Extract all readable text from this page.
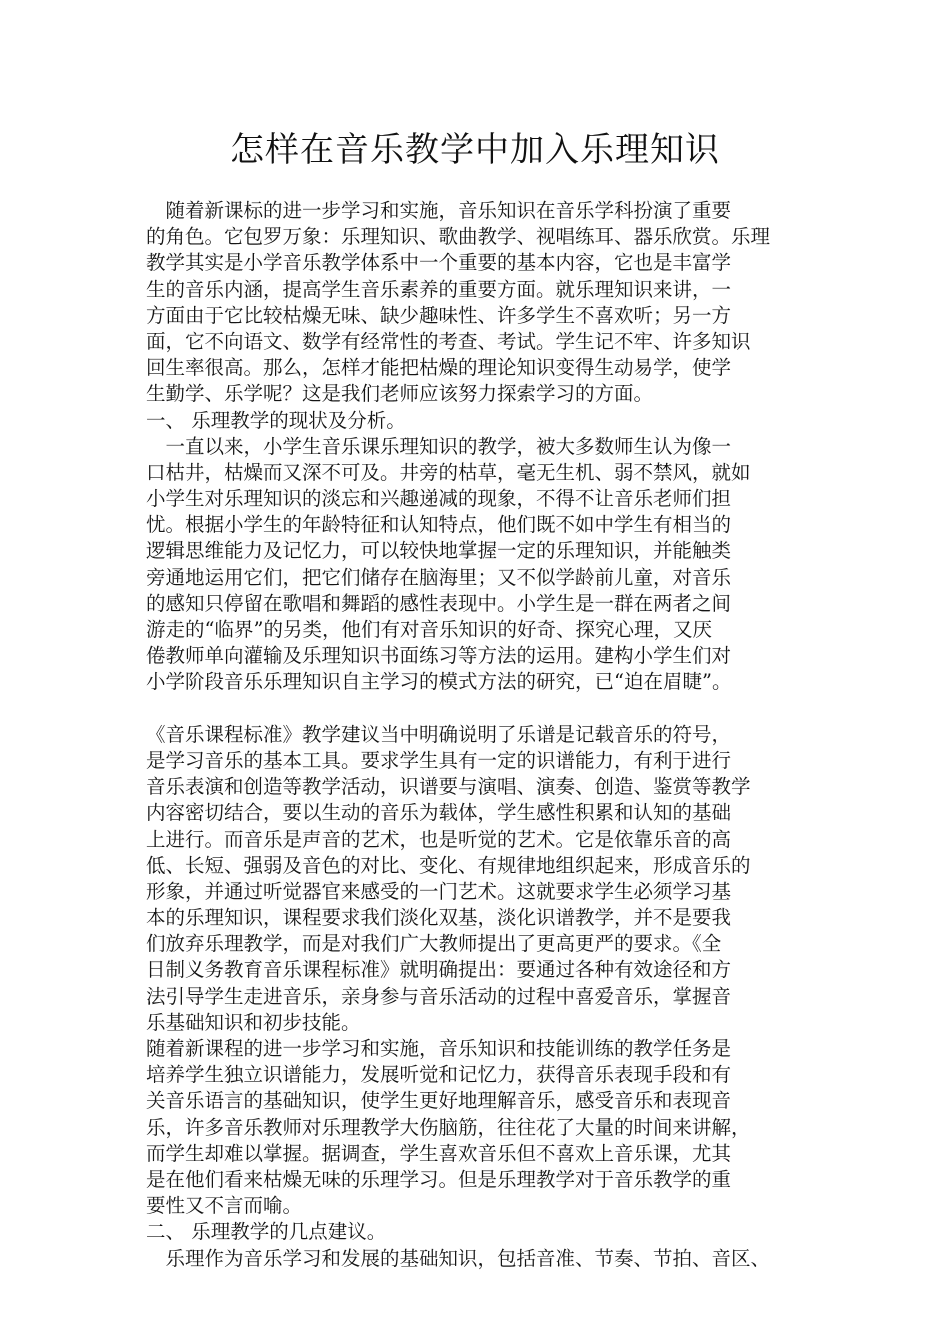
怎样在音乐教学中加入乐理知识
　随着新课标的进一步学习和实施，音乐知识在音乐学科扮演了重要
的角色。它包罗万象：乐理知识、歌曲教学、视唱练耳、器乐欣赏。乐理
教学其实是小学音乐教学体系中一个重要的基本内容，它也是丰富学
生的音乐内涵，提高学生音乐素养的重要方面。就乐理知识来讲，一
方面由于它比较枯燥无味、缺少趣味性、许多学生不喜欢听；另一方
面，它不向语文、数学有经常性的考查、考试。学生记不牢、许多知识
回生率很高。那么，怎样才能把枯燥的理论知识变得生动易学，使学
生勤学、乐学呢？这是我们老师应该努力探索学习的方面。
一、 乐理教学的现状及分析。
　一直以来，小学生音乐课乐理知识的教学，被大多数师生认为像一
口枯井，枯燥而又深不可及。井旁的枯草，毫无生机、弱不禁风，就如
小学生对乐理知识的淡忘和兴趣递减的现象，不得不让音乐老师们担
忧。根据小学生的年龄特征和认知特点，他们既不如中学生有相当的
逻辑思维能力及记忆力，可以较快地掌握一定的乐理知识，并能触类
旁通地运用它们，把它们储存在脑海里；又不似学龄前儿童，对音乐
的感知只停留在歌唱和舞蹈的感性表现中。小学生是一群在两者之间
游走的“临界”的另类，他们有对音乐知识的好奇、探究心理，又厌
倦教师单向灌输及乐理知识书面练习等方法的运用。建构小学生们对
小学阶段音乐乐理知识自主学习的模式方法的研究，已“迫在眉睫”。
《音乐课程标准》教学建议当中明确说明了乐谱是记载音乐的符号，
是学习音乐的基本工具。要求学生具有一定的识谱能力，有利于进行
音乐表演和创造等教学活动，识谱要与演唱、演奏、创造、鉴赏等教学
内容密切结合，要以生动的音乐为载体，学生感性积累和认知的基础
上进行。而音乐是声音的艺术，也是听觉的艺术。它是依靠乐音的高
低、长短、强弱及音色的对比、变化、有规律地组织起来，形成音乐的
形象，并通过听觉器官来感受的一门艺术。这就要求学生必须学习基
本的乐理知识，课程要求我们淡化双基，淡化识谱教学，并不是要我
们放弃乐理教学，而是对我们广大教师提出了更高更严的要求。《全
日制义务教育音乐课程标准》就明确提出：要通过各种有效途径和方
法引导学生走进音乐，亲身参与音乐活动的过程中喜爱音乐，掌握音
乐基础知识和初步技能。
随着新课程的进一步学习和实施，音乐知识和技能训练的教学任务是
培养学生独立识谱能力，发展听觉和记忆力，获得音乐表现手段和有
关音乐语言的基础知识，使学生更好地理解音乐，感受音乐和表现音
乐，许多音乐教师对乐理教学大伤脑筋，往往花了大量的时间来讲解，
而学生却难以掌握。据调查，学生喜欢音乐但不喜欢上音乐课，尤其
是在他们看来枯燥无味的乐理学习。但是乐理教学对于音乐教学的重
要性又不言而喻。
二、 乐理教学的几点建议。
　乐理作为音乐学习和发展的基础知识，包括音准、节奏、节拍、音区、
